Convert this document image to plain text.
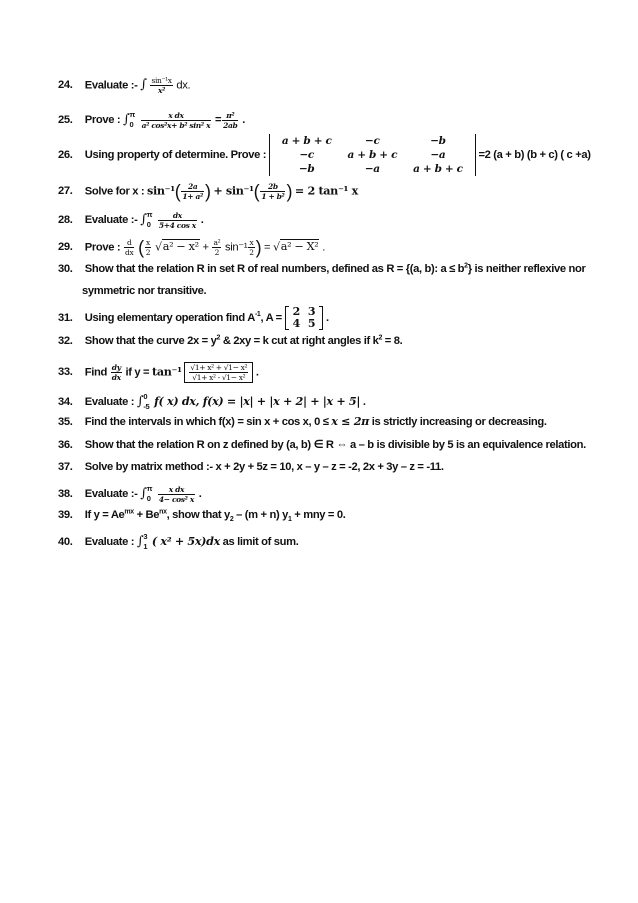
24. Evaluate :- ∫ $\frac{\text{sin⁻¹x}}{\text{x²}}$ dx.
25. Prove : ∫ π
0
$\frac{\text{x dx}}{\text{a² cos²x+ b² sin² x}} = \frac{\text{π²}}{2ab}$ .
26. Using property of determine. Prove :
a + b + c	−c	−b
−c	a + b + c	−a
−b	−a	a + b + c
=2 (a + b) (b + c) ( c +a)
27. Solve for x : $\sin^{-1}( \frac{2a}{\text{1+ a²}}$ ) + $\sin^{-1}( \frac{2b}{\text{1 + b²}}$ ) = 2 tan⁻¹ x
28. Evaluate :- ∫ π
0
$\frac{dx}{\text{5+4 cos x}}$ .
29. Prove : $\frac{d}{dx}$ ( $\frac{x}{2} √a^2 - x^2 + \frac{\text{a²}}{2} \sin^{-1} \frac{x}{2}$ ) = √a² − X² .
30. Show that the relation R in set R of real numbers, defined as R = {(a, b): $a \le b^2$} is neither reflexive nor
symmetric nor transitive.
31. Using elementary operation find $A^{-1}$, A = 2	3
4	5 .
32. Show that the curve $2x = y^2$ & 2xy = k cut at right angles if $k^2 = 8$.
33. Find $\frac{dy}{dx}$ if $y = \tan^{-1} \frac{\text{√1+ x² + √1− x²}}{\text{√1+ x² - √1− x²}}$ .
34. Evaluate : ∫ 0
-5 f( x) dx, f(x) = |x| + |x + 2| + |x + 5| .
35. Find the intervals in which f(x) = sin x + cos x, 0 ≤ x ≤ 2π is strictly increasing or decreasing.
36. Show that the relation R on z defined by (a, b) ∈ R ⇔ a – b is divisible by 5 is an equivalence relation.
37. Solve by matrix method :- x + 2y + 5z = 10, x – y – z = -2, 2x + 3y – z = -11.
38. Evaluate :- ∫ π
0
$\frac{\text{x dx}}{\text{4− cos² x}}$ .
39. If $y = Ae^{mx} + Be^{nx}$, show that $y_2 - (m + n) y_1$ + mny = 0.
40. Evaluate : ∫ 3
1 ( x² + 5x)dx as limit of sum.
